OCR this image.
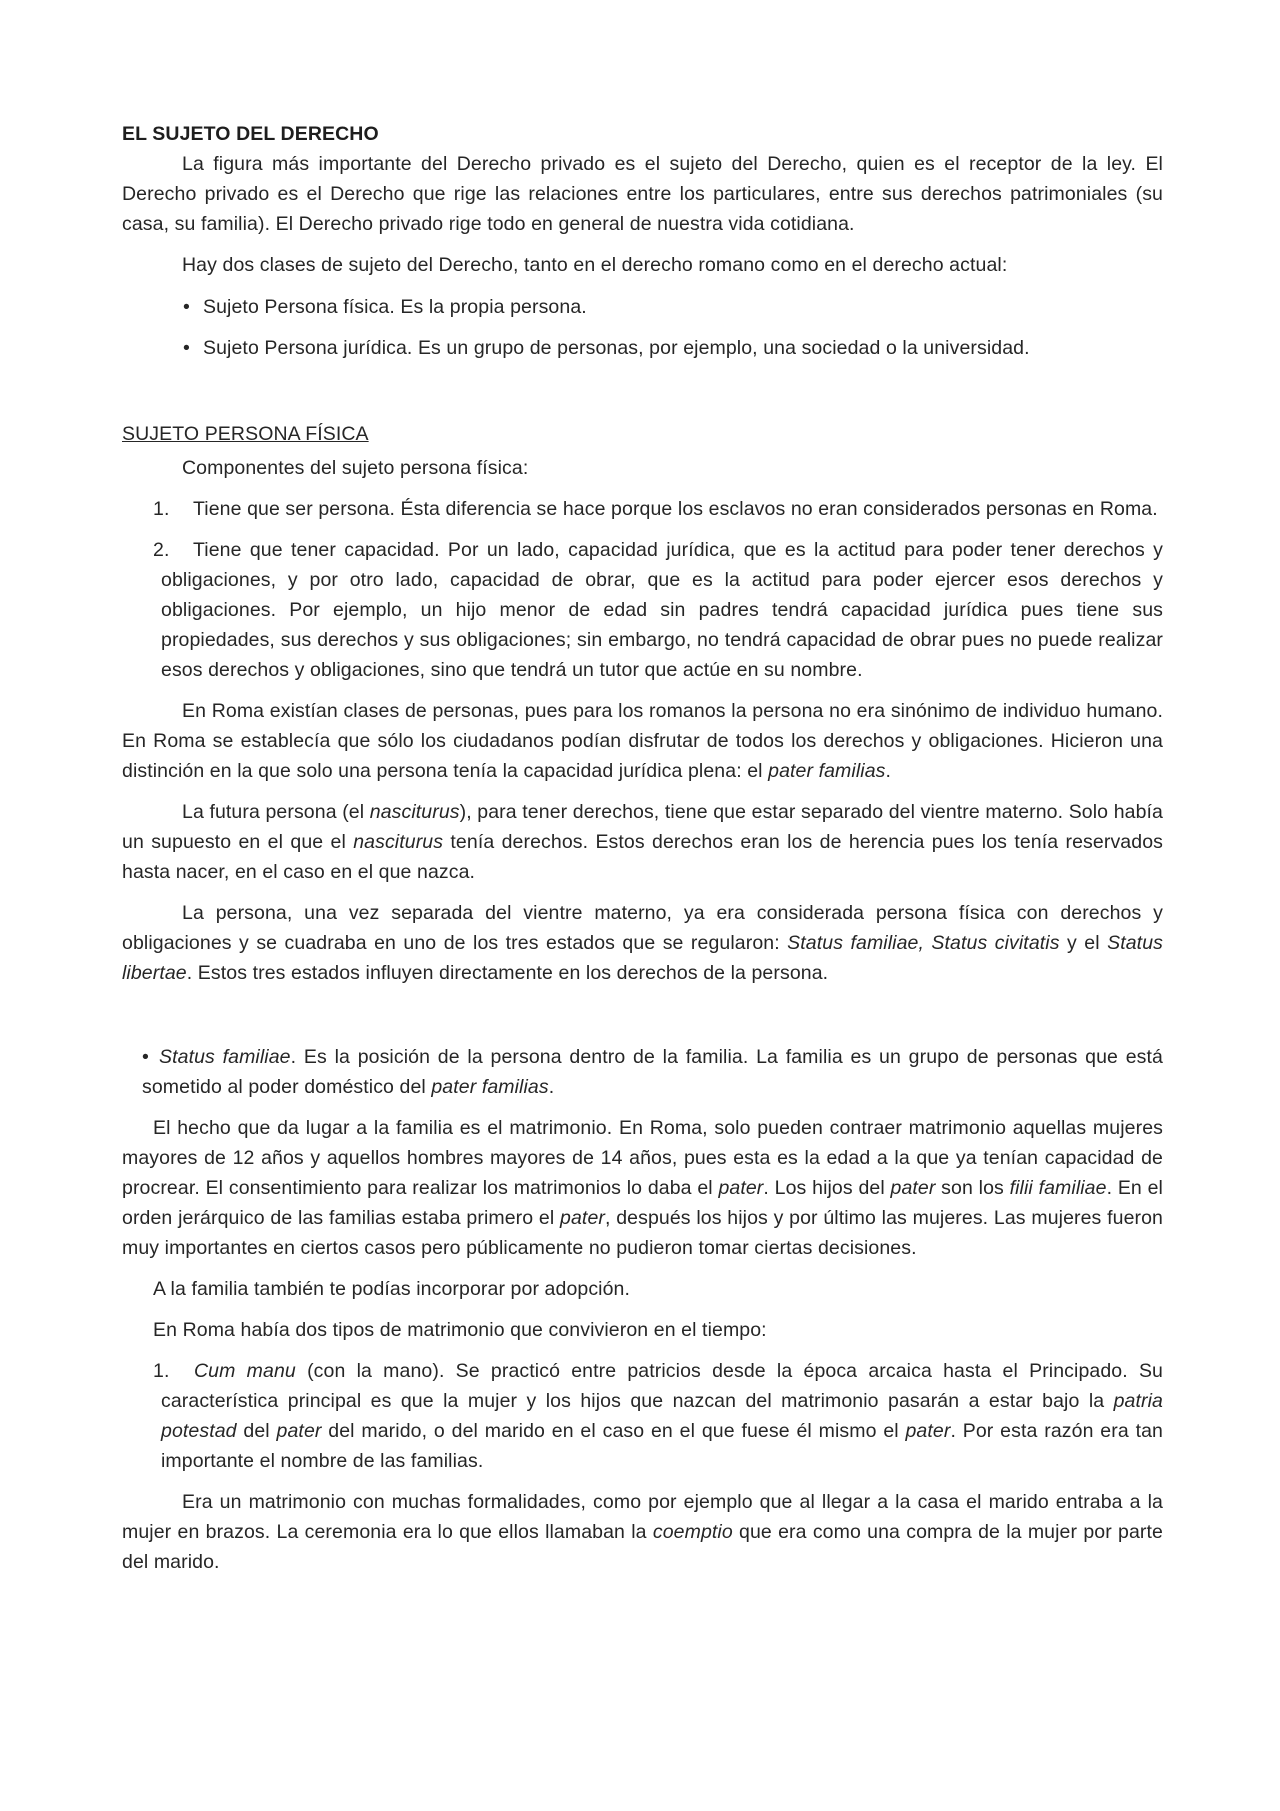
EL SUJETO DEL DERECHO

La figura más importante del Derecho privado es el sujeto del Derecho, quien es el receptor de la ley. El Derecho privado es el Derecho que rige las relaciones entre los particulares, entre sus derechos patrimoniales (su casa, su familia). El Derecho privado rige todo en general de nuestra vida cotidiana.

Hay dos clases de sujeto del Derecho, tanto en el derecho romano como en el derecho actual:

• Sujeto Persona física. Es la propia persona.
• Sujeto Persona jurídica. Es un grupo de personas, por ejemplo, una sociedad o la universidad.
SUJETO PERSONA FÍSICA

Componentes del sujeto persona física:

1. Tiene que ser persona. Ésta diferencia se hace porque los esclavos no eran considerados personas en Roma.
2. Tiene que tener capacidad. Por un lado, capacidad jurídica, que es la actitud para poder tener derechos y obligaciones, y por otro lado, capacidad de obrar, que es la actitud para poder ejercer esos derechos y obligaciones. Por ejemplo, un hijo menor de edad sin padres tendrá capacidad jurídica pues tiene sus propiedades, sus derechos y sus obligaciones; sin embargo, no tendrá capacidad de obrar pues no puede realizar esos derechos y obligaciones, sino que tendrá un tutor que actúe en su nombre.

En Roma existían clases de personas, pues para los romanos la persona no era sinónimo de individuo humano. En Roma se establecía que sólo los ciudadanos podían disfrutar de todos los derechos y obligaciones. Hicieron una distinción en la que solo una persona tenía la capacidad jurídica plena: el pater familias.

La futura persona (el nasciturus), para tener derechos, tiene que estar separado del vientre materno. Solo había un supuesto en el que el nasciturus tenía derechos. Estos derechos eran los de herencia pues los tenía reservados hasta nacer, en el caso en el que nazca.

La persona, una vez separada del vientre materno, ya era considerada persona física con derechos y obligaciones y se cuadraba en uno de los tres estados que se regularon: Status familiae, Status civitatis y el Status libertae. Estos tres estados influyen directamente en los derechos de la persona.

• Status familiae. Es la posición de la persona dentro de la familia. La familia es un grupo de personas que está sometido al poder doméstico del pater familias.

El hecho que da lugar a la familia es el matrimonio. En Roma, solo pueden contraer matrimonio aquellas mujeres mayores de 12 años y aquellos hombres mayores de 14 años, pues esta es la edad a la que ya tenían capacidad de procrear. El consentimiento para realizar los matrimonios lo daba el pater. Los hijos del pater son los filii familiae. En el orden jerárquico de las familias estaba primero el pater, después los hijos y por último las mujeres. Las mujeres fueron muy importantes en ciertos casos pero públicamente no pudieron tomar ciertas decisiones.

A la familia también te podías incorporar por adopción.

En Roma había dos tipos de matrimonio que convivieron en el tiempo:

1. Cum manu (con la mano). Se practicó entre patricios desde la época arcaica hasta el Principado. Su característica principal es que la mujer y los hijos que nazcan del matrimonio pasarán a estar bajo la patria potestad del pater del marido, o del marido en el caso en el que fuese él mismo el pater. Por esta razón era tan importante el nombre de las familias.

Era un matrimonio con muchas formalidades, como por ejemplo que al llegar a la casa el marido entraba a la mujer en brazos. La ceremonia era lo que ellos llamaban la coemptio que era como una compra de la mujer por parte del marido.
